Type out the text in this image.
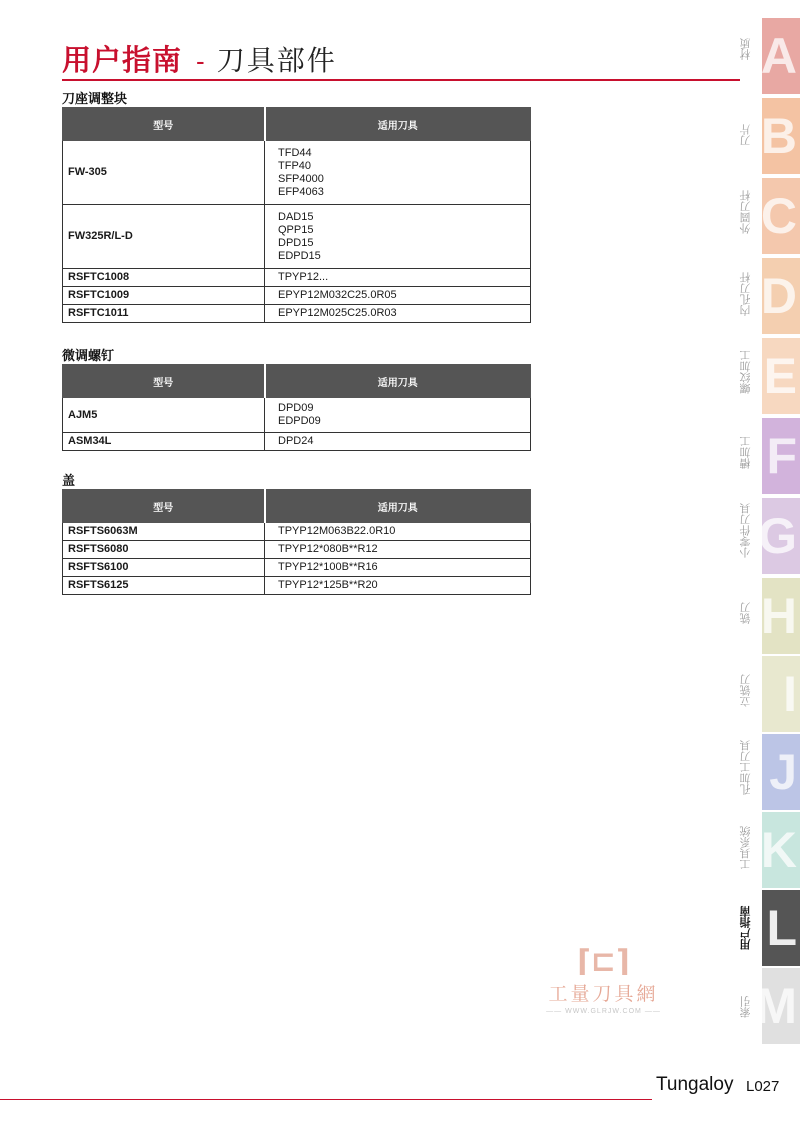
用户指南 - 刀具部件
刀座调整块
型号	适用刀具
FW-305	TFD44
TFP40
SFP4000
EFP4063

FW325R/L-D	DAD15
QPP15
DPD15
EDPD15

RSFTC1008	TPYP12...
RSFTC1009	EPYP12M032C25.0R05
RSFTC1011	EPYP12M025C25.0R03
微调螺钉
型号	适用刀具
AJM5	DPD09
EDPD09

ASM34L	DPD24
盖
型号	适用刀具
RSFTS6063M	TPYP12M063B22.0R10
RSFTS6080	TPYP12*080B**R12
RSFTS6100	TPYP12*100B**R16
RSFTS6125	TPYP12*125B**R20
A
B
C
D
E
F
G
H
I
J
K
L
M
材质
刀片
外圆刀杆
内孔刀杆
螺纹加工
槽加工
小零件刀具
铣刀
立铣刀
孔加工刀具
工具系统
用户指南
索引
⌈⊏⌉
工量刀具網
—— WWW.GLRJW.COM ——
Tungaloy L027
